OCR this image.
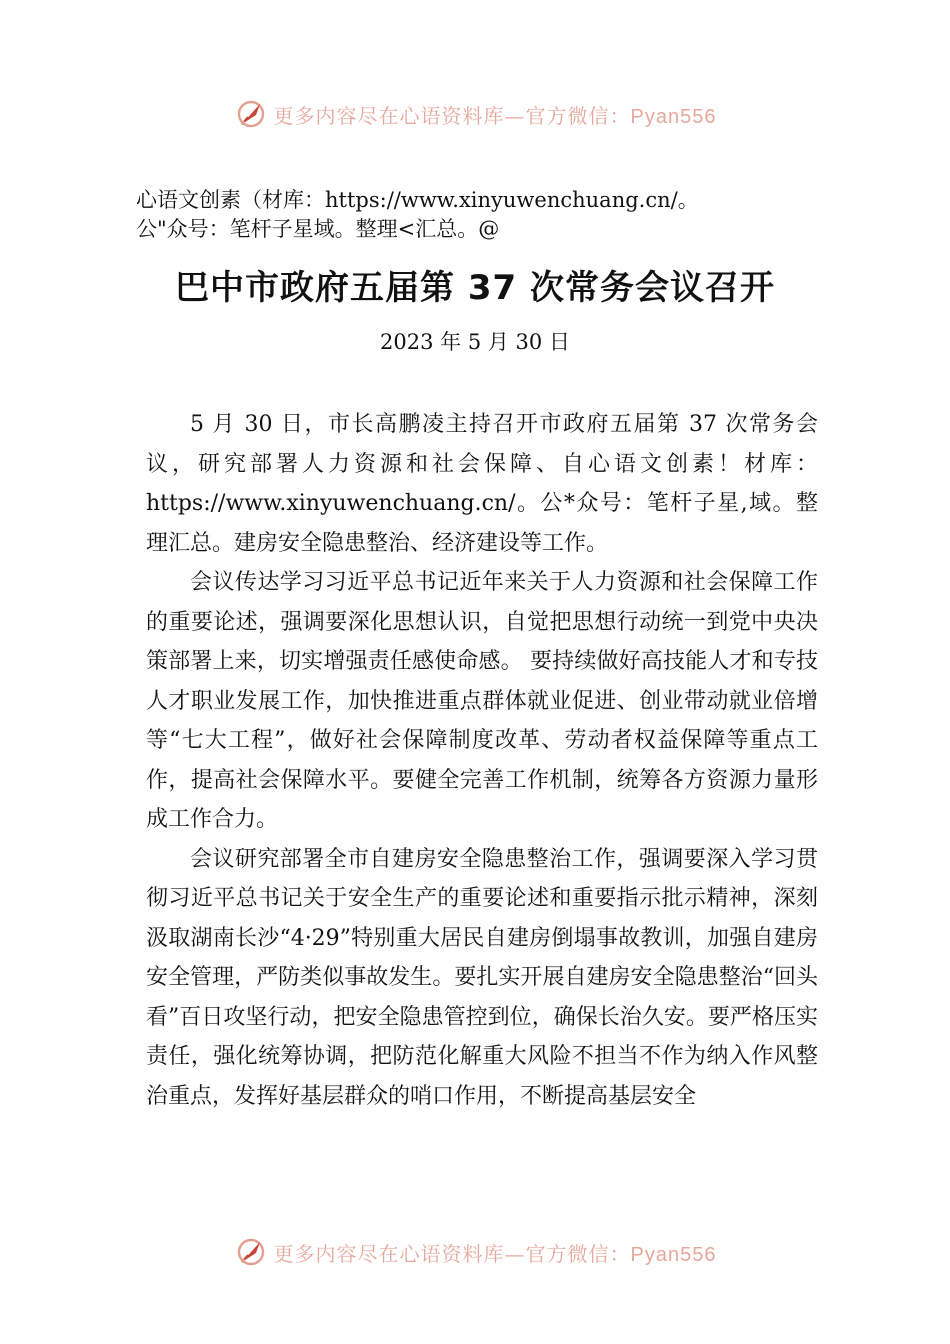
更多内容尽在心语资料库—官方微信：Pyan556
心语文创素（材库：https://www.xinyuwenchuang.cn/。
公"众号：笔杆子星域。整理<汇总。@
巴中市政府五届第 37 次常务会议召开
2023 年 5 月 30 日

5 月 30 日，市长高鹏凌主持召开市政府五届第 37 次常务会议，研究部署人力资源和社会保障、自心语文创素！材库：https://www.xinyuwenchuang.cn/。公*众号：笔杆子星,域。整理汇总。建房安全隐患整治、经济建设等工作。

会议传达学习习近平总书记近年来关于人力资源和社会保障工作的重要论述，强调要深化思想认识，自觉把思想行动统一到党中央决策部署上来，切实增强责任感使命感。 要持续做好高技能人才和专技人才职业发展工作，加快推进重点群体就业促进、创业带动就业倍增等“七大工程”，做好社会保障制度改革、劳动者权益保障等重点工作，提高社会保障水平。要健全完善工作机制，统筹各方资源力量形成工作合力。

会议研究部署全市自建房安全隐患整治工作，强调要深入学习贯彻习近平总书记关于安全生产的重要论述和重要指示批示精神，深刻汲取湖南长沙“4·29”特别重大居民自建房倒塌事故教训，加强自建房安全管理，严防类似事故发生。要扎实开展自建房安全隐患整治“回头看”百日攻坚行动，把安全隐患管控到位，确保长治久安。要严格压实责任，强化统筹协调，把防范化解重大风险不担当不作为纳入作风整治重点，发挥好基层群众的哨口作用，不断提高基层安全

更多内容尽在心语资料库—官方微信：Pyan556
